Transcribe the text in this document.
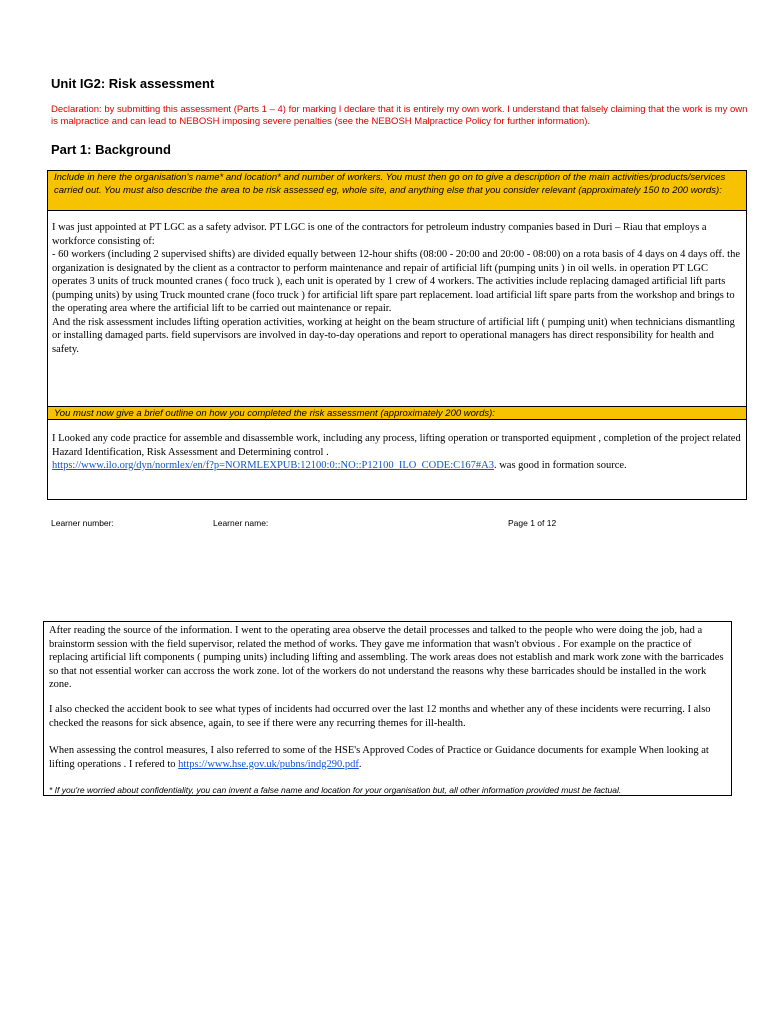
Unit IG2: Risk assessment
Declaration: by submitting this assessment (Parts 1 – 4) for marking I declare that it is entirely my own work. I understand that falsely claiming that the work is my own is malpractice and can lead to NEBOSH imposing severe penalties (see the NEBOSH Malpractice Policy for further information).
Part 1: Background
Include in here the organisation's name* and location* and number of workers. You must then go on to give a description of the main activities/products/services carried out. You must also describe the area to be risk assessed eg, whole site, and anything else that you consider relevant (approximately 150 to 200 words):
I was just appointed at PT LGC as a safety advisor. PT LGC is one of the contractors for petroleum industry companies based in Duri – Riau that employs a workforce consisting of:
- 60 workers (including 2 supervised shifts) are divided equally between 12-hour shifts (08:00 - 20:00 and 20:00 - 08:00) on a rota basis of 4 days on 4 days off. the organization is designated by the client as a contractor to perform maintenance and repair of artificial lift (pumping units ) in oil wells. in operation PT LGC operates 3 units of truck mounted cranes ( foco truck ), each unit is operated by 1 crew of 4 workers. The activities include replacing damaged artificial lift parts (pumping units) by using Truck mounted crane (foco truck ) for artificial lift spare part replacement. load artificial lift spare parts from the workshop and brings to the operating area where the artificial lift to be carried out maintenance or repair.
And the risk assessment includes lifting operation activities, working at height on the beam structure of artificial lift ( pumping unit) when technicians dismantling or installing damaged parts. field supervisors are involved in day-to-day operations and report to operational managers has direct responsibility for health and safety.
You must now give a brief outline on how you completed the risk assessment (approximately 200 words):
I Looked any code practice for assemble and disassemble work, including any process, lifting operation or transported equipment , completion of the project related Hazard Identification, Risk Assessment and Determining control .
https://www.ilo.org/dyn/normlex/en/f?p=NORMLEXPUB:12100:0::NO::P12100_ILO_CODE:C167#A3. was good in formation source.
Learner number:	Learner name:	Page 1 of 12
After reading the source of the information. I went to the operating area observe the detail processes and talked to the people who were doing the job, had a brainstorm session with the field supervisor, related the method of works. They gave me information that wasn't obvious . For example on the practice of replacing artificial lift components ( pumping units) including lifting and assembling. The work areas does not establish and mark work zone with the barricades so that not essential worker can accross the work zone. lot of the workers do not understand the reasons why these barricades should be installed in the work zone.
I also checked the accident book to see what types of incidents had occurred over the last 12 months and whether any of these incidents were recurring. I also checked the reasons for sick absence, again, to see if there were any recurring themes for ill-health.
When assessing the control measures, I also referred to some of the HSE's Approved Codes of Practice or Guidance documents for example When looking at lifting operations . I refered to https://www.hse.gov.uk/pubns/indg290.pdf.
* If you're worried about confidentiality, you can invent a false name and location for your organisation but, all other information provided must be factual.
